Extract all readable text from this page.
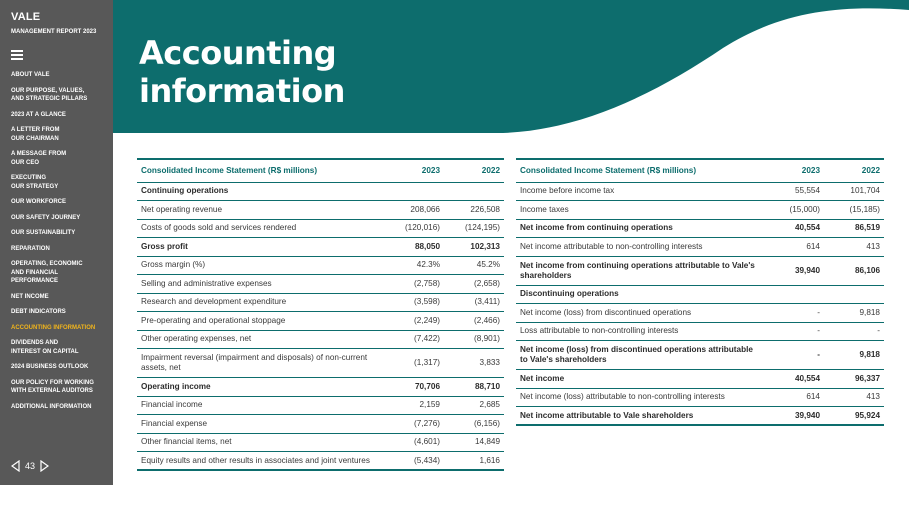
VALE
MANAGEMENT REPORT 2023
ABOUT VALE
OUR PURPOSE, VALUES,
AND STRATEGIC PILLARS
2023 AT A GLANCE
A LETTER FROM
OUR CHAIRMAN
A MESSAGE FROM
OUR CEO
EXECUTING
OUR STRATEGY
OUR WORKFORCE
OUR SAFETY JOURNEY
OUR SUSTAINABILITY
REPARATION
OPERATING, ECONOMIC
AND FINANCIAL
PERFORMANCE
NET INCOME
DEBT INDICATORS
ACCOUNTING INFORMATION
DIVIDENDS AND
INTEREST ON CAPITAL
2024 BUSINESS OUTLOOK
OUR POLICY FOR WORKING
WITH EXTERNAL AUDITORS
ADDITIONAL INFORMATION
43
Accounting
information
Consolidated Income Statement (R$ millions)	2023	2022
Continuing operations		
Net operating revenue	208,066	226,508
Costs of goods sold and services rendered	(120,016)	(124,195)
Gross profit	88,050	102,313
Gross margin (%)	42.3%	45.2%
Selling and administrative expenses	(2,758)	(2,658)
Research and development expenditure	(3,598)	(3,411)
Pre-operating and operational stoppage	(2,249)	(2,466)
Other operating expenses, net	(7,422)	(8,901)
Impairment reversal (impairment and disposals) of non-current assets, net	(1,317)	3,833
Operating income	70,706	88,710
Financial income	2,159	2,685
Financial expense	(7,276)	(6,156)
Other financial items, net	(4,601)	14,849
Equity results and other results in associates and joint ventures	(5,434)	1,616
Consolidated Income Statement (R$ millions)	2023	2022
Income before income tax	55,554	101,704
Income taxes	(15,000)	(15,185)
Net income from continuing operations	40,554	86,519
Net income attributable to non-controlling interests	614	413
Net income from continuing operations attributable to Vale's shareholders	39,940	86,106
Discontinuing operations		
Net income (loss) from discontinued operations	-	9,818
Loss attributable to non-controlling interests	-	-
Net income (loss) from discontinued operations attributable to Vale's shareholders	-	9,818
Net income	40,554	96,337
Net income (loss) attributable to non-controlling interests	614	413
Net income attributable to Vale shareholders	39,940	95,924
